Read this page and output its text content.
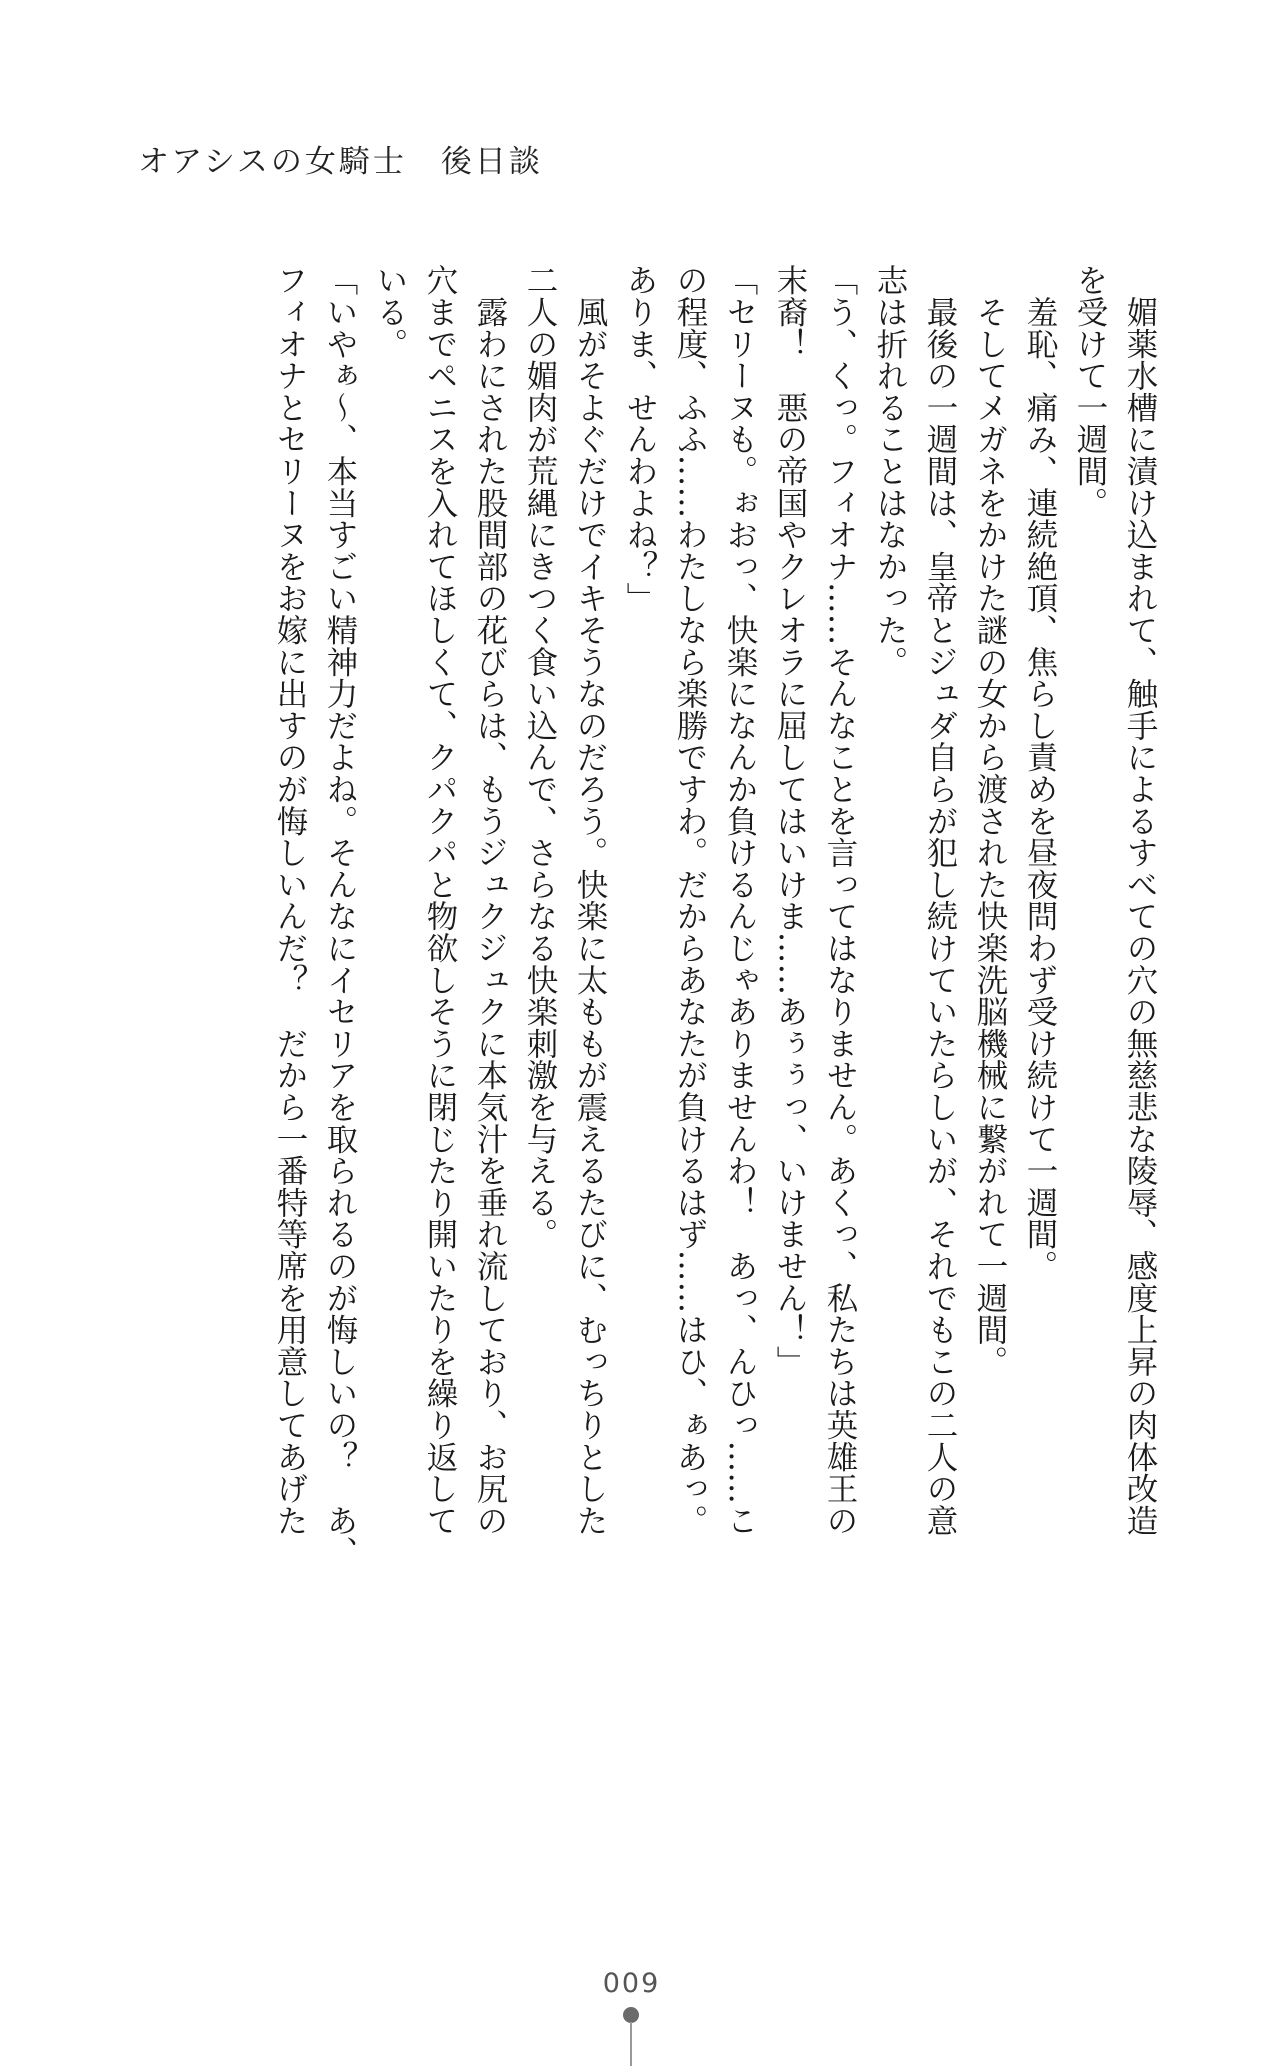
オアシスの女騎士　後日談
　媚薬水槽に漬け込まれて、触手によるすべての穴の無慈悲な陵辱、感度上昇の肉体改造
を受けて一週間。
　羞恥、痛み、連続絶頂、焦らし責めを昼夜問わず受け続けて一週間。
　そしてメガネをかけた謎の女から渡された快楽洗脳機械に繋がれて一週間。
　最後の一週間は、皇帝とジュダ自らが犯し続けていたらしいが、それでもこの二人の意
志は折れることはなかった。
「う、くっ。フィオナ……そんなことを言ってはなりません。あくっ、私たちは英雄王の
末裔！　悪の帝国やクレオラに屈してはいけま……あぅぅっ、いけません！」
「セリーヌも。ぉおっ、快楽になんか負けるんじゃありませんわ！　あっ、んひっ……こ
の程度、ふふ……わたしなら楽勝ですわ。だからあなたが負けるはず……はひ、ぁあっ。
ありま、せんわよね？」
　風がそよぐだけでイキそうなのだろう。快楽に太ももが震えるたびに、むっちりとした
二人の媚肉が荒縄にきつく食い込んで、さらなる快楽刺激を与える。
　露わにされた股間部の花びらは、もうジュクジュクに本気汁を垂れ流しており、お尻の
穴までペニスを入れてほしくて、クパクパと物欲しそうに閉じたり開いたりを繰り返して
いる。
「いやぁ〜、本当すごい精神力だよね。そんなにイセリアを取られるのが悔しいの？　あ、
フィオナとセリーヌをお嫁に出すのが悔しいんだ？　だから一番特等席を用意してあげた
009
